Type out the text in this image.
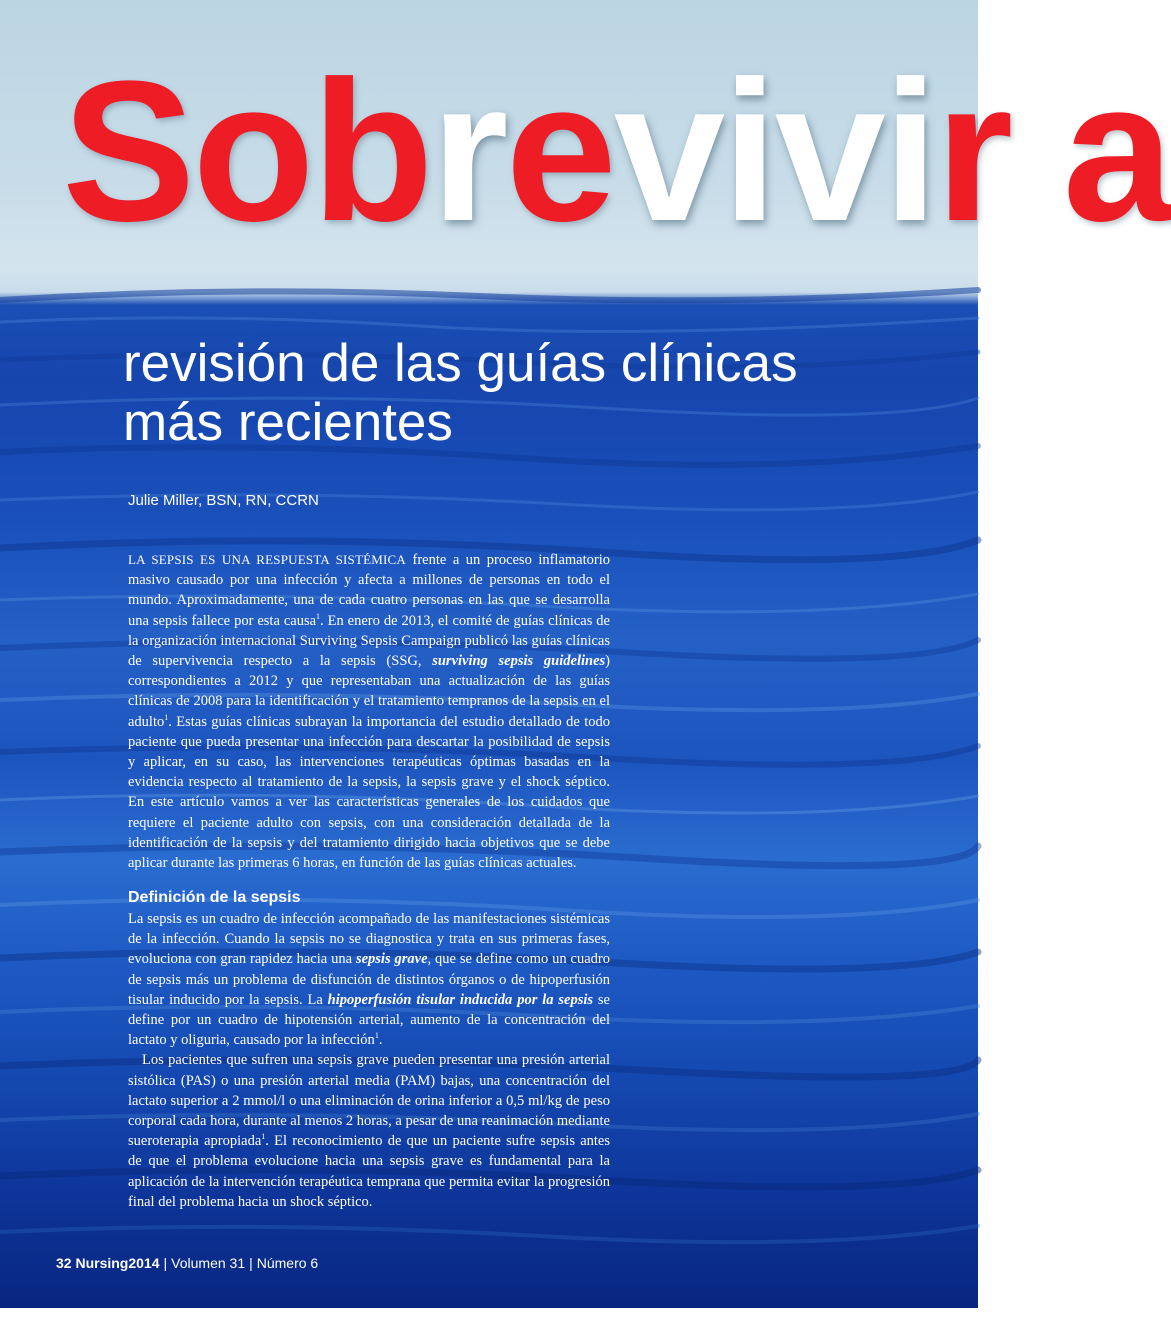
Sobrevivir a
revisión de las guías clínicas
más recientes

Julie Miller, BSN, RN, CCRN

LA SEPSIS ES UNA RESPUESTA SISTÉMICA frente a un proceso inflamatorio masivo causado por una infección y afecta a millones de personas en todo el mundo. Aproximadamente, una de cada cuatro personas en las que se desarrolla una sepsis fallece por esta causa$^1$. En enero de 2013, el comité de guías clínicas de la organización internacional Surviving Sepsis Campaign publicó las guías clínicas de supervivencia respecto a la sepsis (SSG, surviving sepsis guidelines) correspondientes a 2012 y que representaban una actualización de las guías clínicas de 2008 para la identificación y el tratamiento tempranos de la sepsis en el adulto$^1$. Estas guías clínicas subrayan la importancia del estudio detallado de todo paciente que pueda presentar una infección para descartar la posibilidad de sepsis y aplicar, en su caso, las intervenciones terapéuticas óptimas basadas en la evidencia respecto al tratamiento de la sepsis, la sepsis grave y el shock séptico. En este artículo vamos a ver las características generales de los cuidados que requiere el paciente adulto con sepsis, con una consideración detallada de la identificación de la sepsis y del tratamiento dirigido hacia objetivos que se debe aplicar durante las primeras 6 horas, en función de las guías clínicas actuales.

Definición de la sepsis

La sepsis es un cuadro de infección acompañado de las manifestaciones sistémicas de la infección. Cuando la sepsis no se diagnostica y trata en sus primeras fases, evoluciona con gran rapidez hacia una sepsis grave, que se define como un cuadro de sepsis más un problema de disfunción de distintos órganos o de hipoperfusión tisular inducido por la sepsis. La hipoperfusión tisular inducida por la sepsis se define por un cuadro de hipotensión arterial, aumento de la concentración del lactato y oliguria, causado por la infección$^1$.

Los pacientes que sufren una sepsis grave pueden presentar una presión arterial sistólica (PAS) o una presión arterial media (PAM) bajas, una concentración del lactato superior a 2 mmol/l o una eliminación de orina inferior a 0,5 ml/kg de peso corporal cada hora, durante al menos 2 horas, a pesar de una reanimación mediante sueroterapia apropiada$^1$. El reconocimiento de que un paciente sufre sepsis antes de que el problema evolucione hacia una sepsis grave es fundamental para la aplicación de la intervención terapéutica temprana que permita evitar la progresión final del problema hacia un shock séptico.

32 Nursing2014 | Volumen 31 | Número 6
